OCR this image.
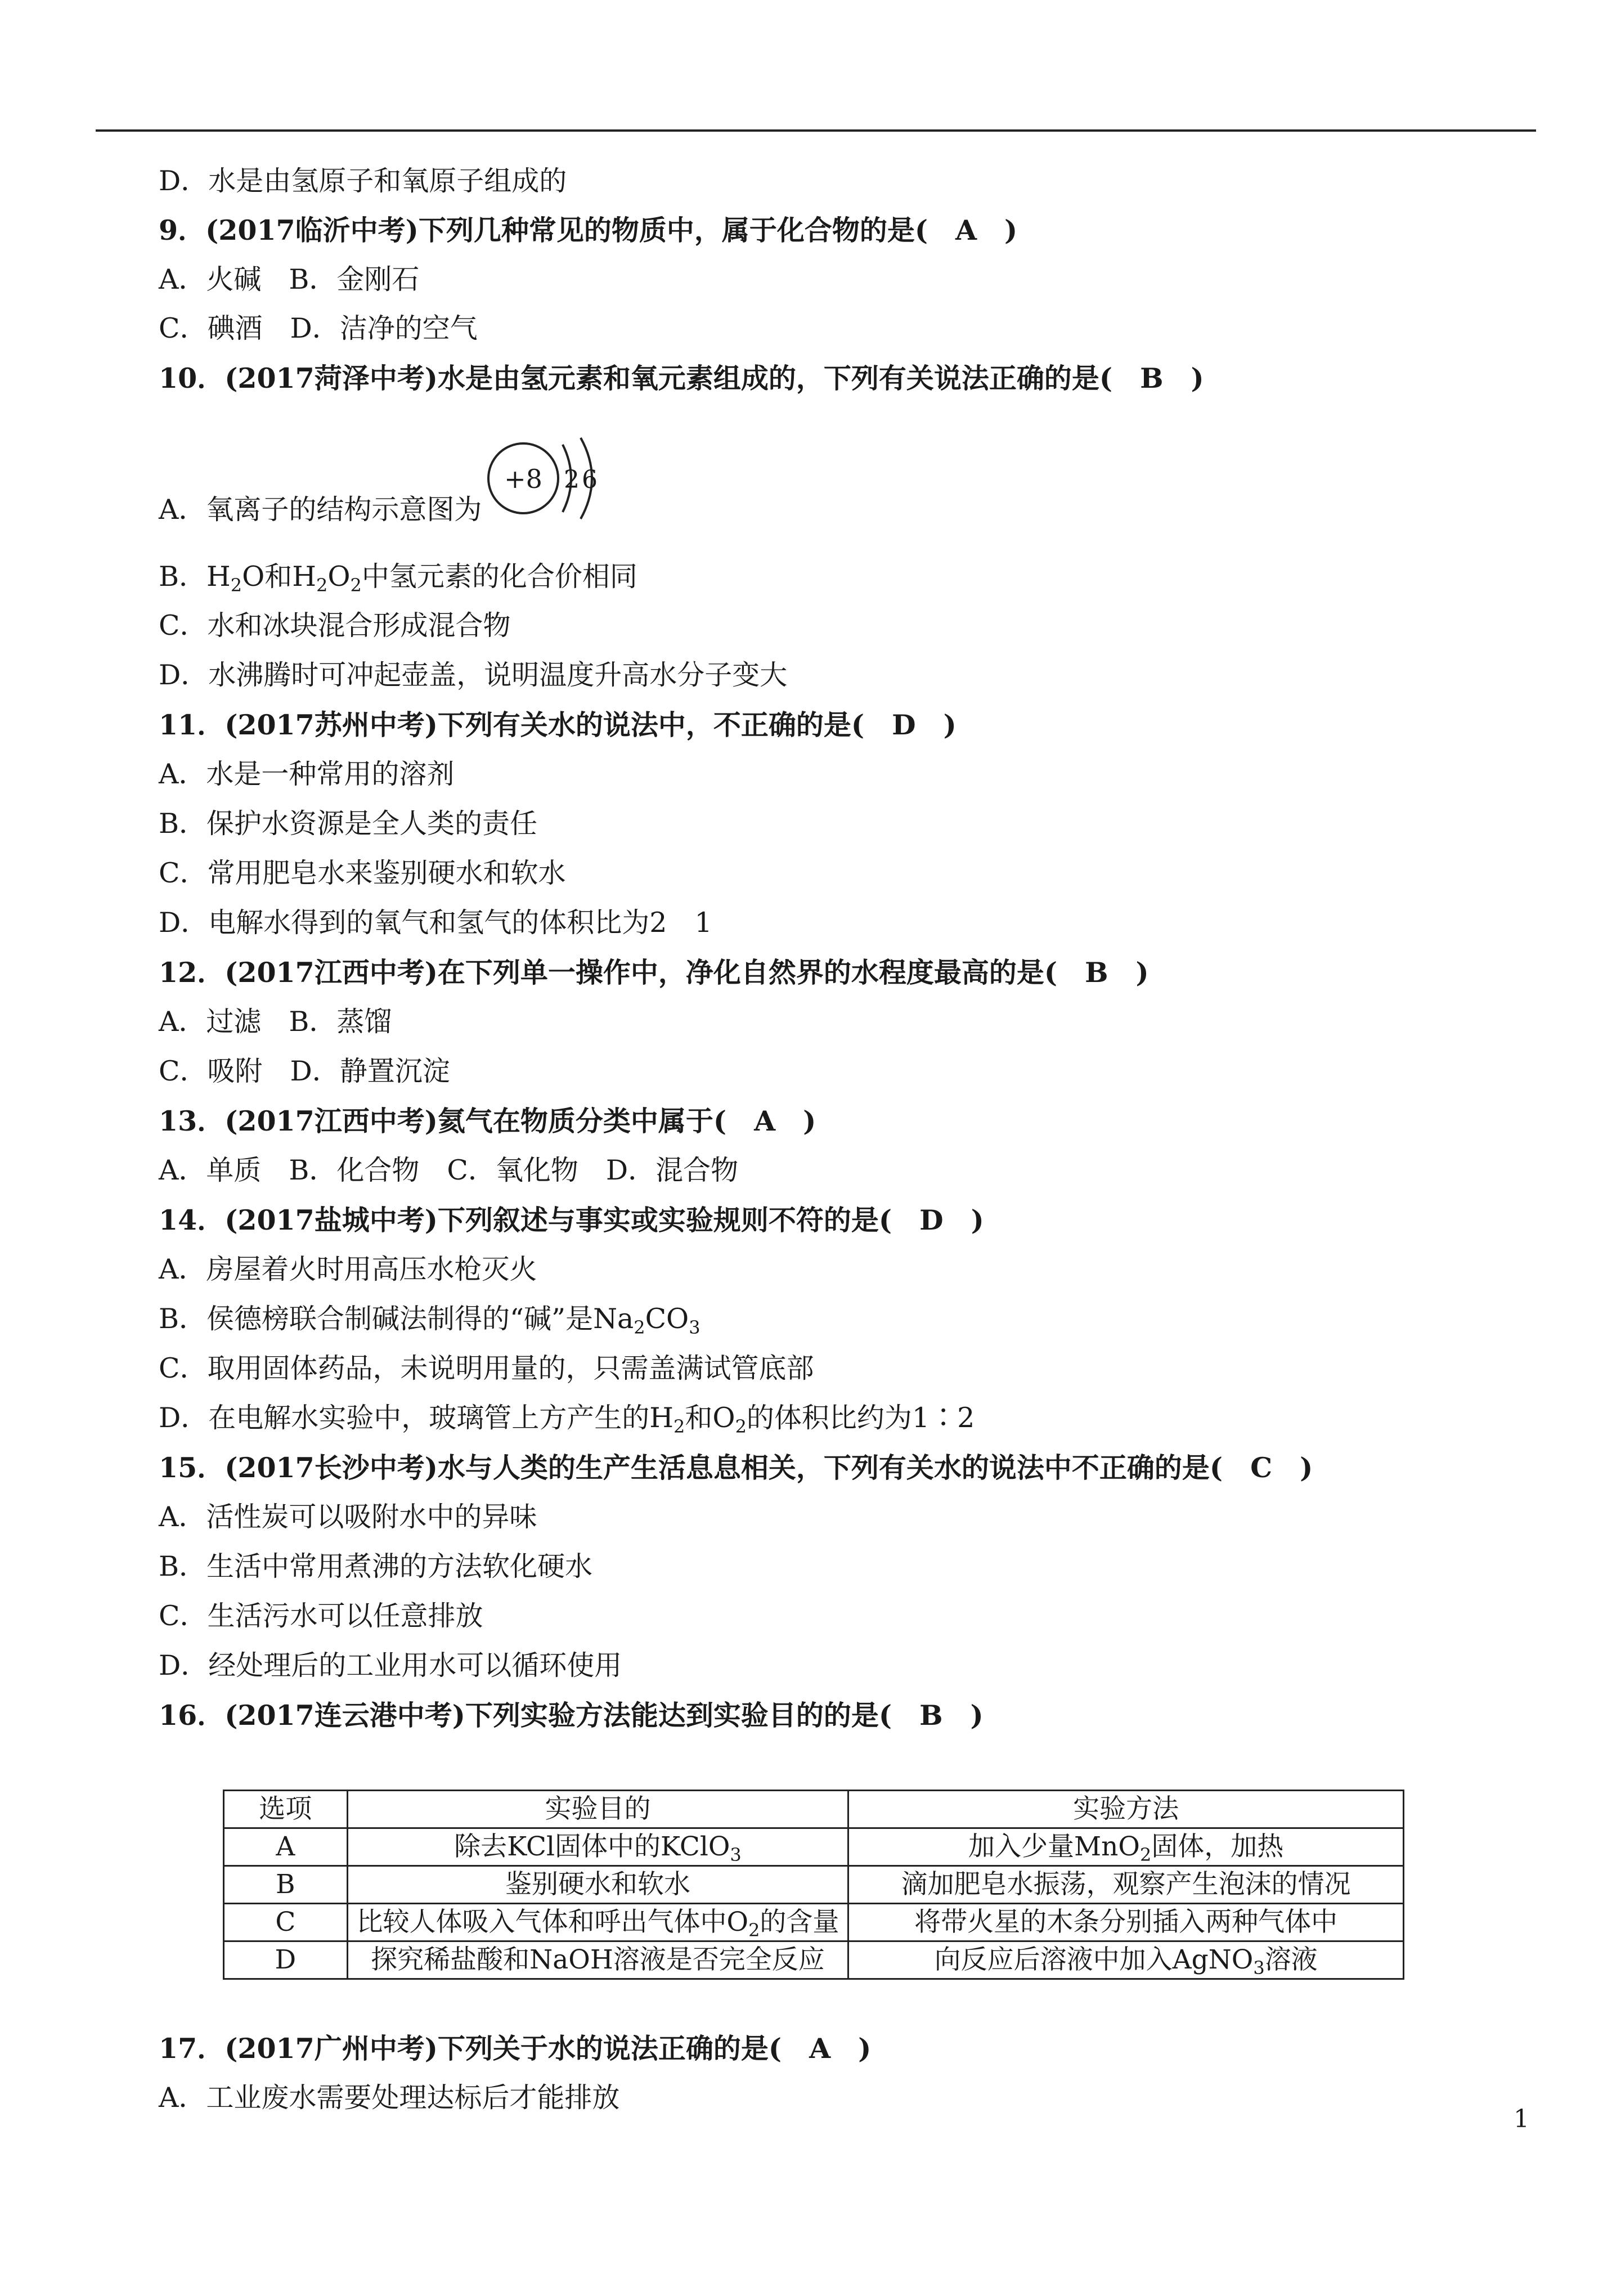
D．水是由氢原子和氧原子组成的
9．(2017临沂中考)下列几种常见的物质中，属于化合物的是(　A　)
A．火碱　B．金刚石
C．碘酒　D．洁净的空气
10．(2017菏泽中考)水是由氢元素和氧元素组成的，下列有关说法正确的是(　B　)
A．氧离子的结构示意图为
+8 2 6
B．$H_2O$和$H_2O_2$中氢元素的化合价相同
C．水和冰块混合形成混合物
D．水沸腾时可冲起壶盖，说明温度升高水分子变大
11．(2017苏州中考)下列有关水的说法中，不正确的是(　D　)
A．水是一种常用的溶剂
B．保护水资源是全人类的责任
C．常用肥皂水来鉴别硬水和软水
D．电解水得到的氧气和氢气的体积比为2　1
12．(2017江西中考)在下列单一操作中，净化自然界的水程度最高的是(　B　)
A．过滤　B．蒸馏
C．吸附　D．静置沉淀
13．(2017江西中考)氦气在物质分类中属于(　A　)
A．单质　B．化合物　C．氧化物　D．混合物
14．(2017盐城中考)下列叙述与事实或实验规则不符的是(　D　)
A．房屋着火时用高压水枪灭火
B．侯德榜联合制碱法制得的“碱”是$Na_2CO_3$
C．取用固体药品，未说明用量的，只需盖满试管底部
D．在电解水实验中，玻璃管上方产生的$H_2$和$O_2$的体积比约为1∶2
15．(2017长沙中考)水与人类的生产生活息息相关，下列有关水的说法中不正确的是(　C　)
A．活性炭可以吸附水中的异味
B．生活中常用煮沸的方法软化硬水
C．生活污水可以任意排放
D．经处理后的工业用水可以循环使用
16．(2017连云港中考)下列实验方法能达到实验目的的是(　B　)
选项	实验目的	实验方法
A	除去KCl固体中的KClO$_3$	加入少量MnO$_2$固体，加热
B	鉴别硬水和软水	滴加肥皂水振荡，观察产生泡沫的情况
C	比较人体吸入气体和呼出气体中$O_2$的含量	将带火星的木条分别插入两种气体中
D	探究稀盐酸和NaOH溶液是否完全反应	向反应后溶液中加入AgNO$_3$溶液
17．(2017广州中考)下列关于水的说法正确的是(　A　)
A．工业废水需要处理达标后才能排放
1
